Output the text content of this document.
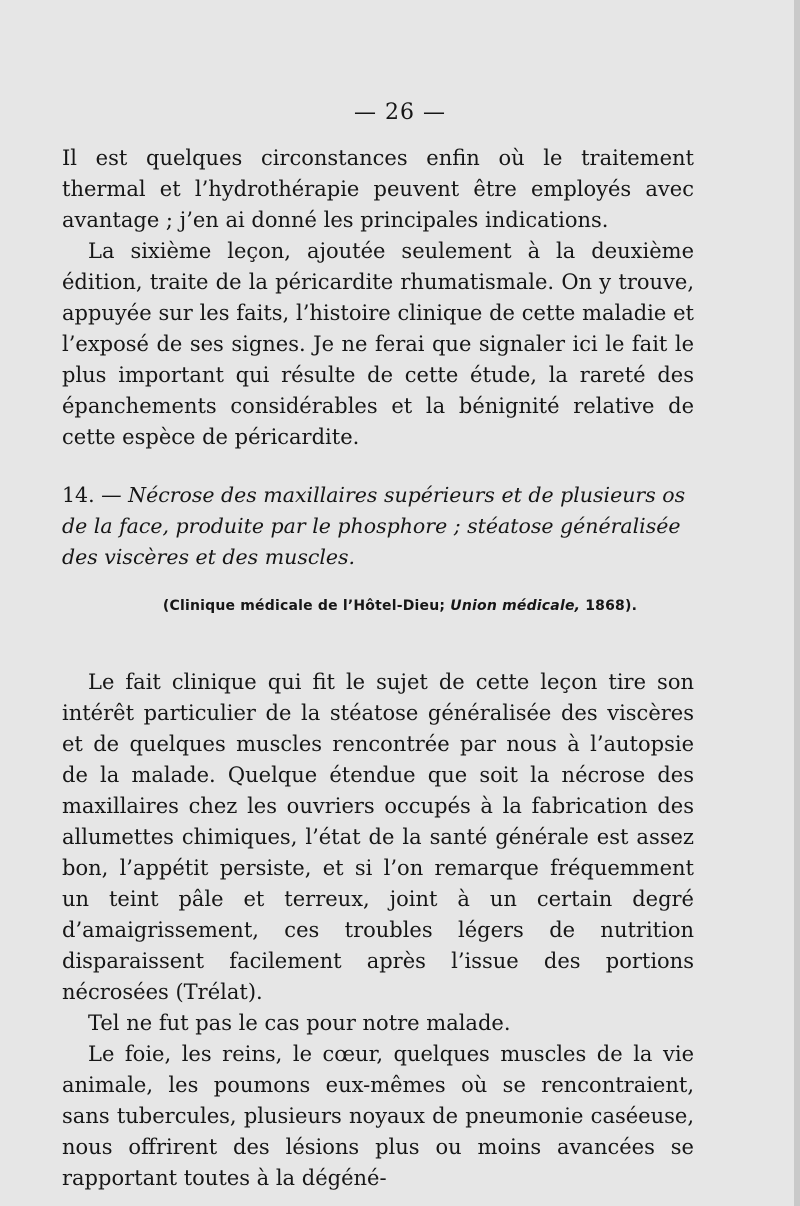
— 26 —

Il est quelques circonstances enfin où le traitement thermal et l’hydrothérapie peuvent être employés avec avantage ; j’en ai donné les principales indications.

La sixième leçon, ajoutée seulement à la deuxième édition, traite de la péricardite rhumatismale. On y trouve, appuyée sur les faits, l’histoire clinique de cette maladie et l’exposé de ses signes. Je ne ferai que signaler ici le fait le plus important qui résulte de cette étude, la rareté des épanchements considérables et la bénignité relative de cette espèce de péricardite.

14. — Nécrose des maxillaires supérieurs et de plusieurs os de la face, produite par le phosphore ; stéatose généralisée des viscères et des muscles.
(Clinique médicale de l’Hôtel-Dieu; Union médicale, 1868).

Le fait clinique qui fit le sujet de cette leçon tire son intérêt particulier de la stéatose généralisée des viscères et de quelques muscles rencontrée par nous à l’autopsie de la malade. Quelque étendue que soit la nécrose des maxillaires chez les ouvriers occupés à la fabrication des allumettes chimiques, l’état de la santé générale est assez bon, l’appétit persiste, et si l’on remarque fréquemment un teint pâle et terreux, joint à un certain degré d’amaigrissement, ces troubles légers de nutrition disparaissent facilement après l’issue des portions nécrosées (Trélat).

Tel ne fut pas le cas pour notre malade.

Le foie, les reins, le cœur, quelques muscles de la vie animale, les poumons eux-mêmes où se rencontraient, sans tubercules, plusieurs noyaux de pneumonie caséeuse, nous offrirent des lésions plus ou moins avancées se rapportant toutes à la dégéné-
